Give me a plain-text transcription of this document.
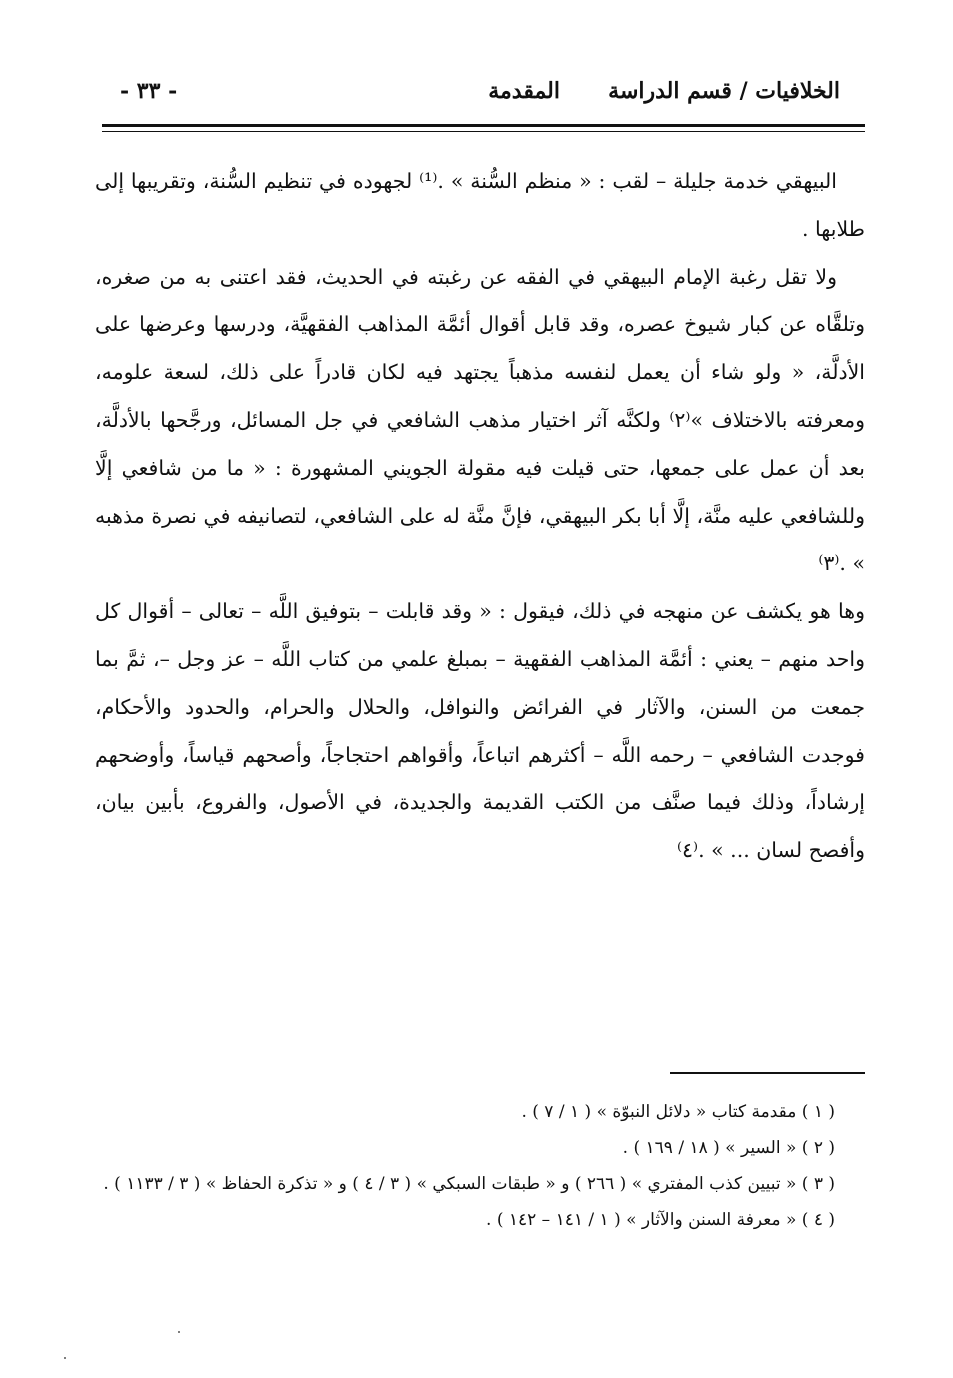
الخلافيات / قسم الدراسة
المقدمة
- ٣٣ -

البيهقي خدمة جليلة – لقب : « منظم السُّنة » .⁽¹⁾ لجهوده في تنظيم السُّنة، وتقريبها إلى طلابها .

ولا تقل رغبة الإمام البيهقي في الفقه عن رغبته في الحديث، فقد اعتنى به من صغره، وتلقَّاه عن كبار شيوخ عصره، وقد قابل أقوال أئمَّة المذاهب الفقهيَّة، ودرسها وعرضها على الأدلَّة، « ولو شاء أن يعمل لنفسه مذهباً يجتهد فيه لكان قادراً على ذلك، لسعة علومه، ومعرفته بالاختلاف »⁽٢⁾ ولكنَّه آثر اختيار مذهب الشافعي في جل المسائل، ورجَّحها بالأدلَّة، بعد أن عمل على جمعها، حتى قيلت فيه مقولة الجويني المشهورة : « ما من شافعي إلَّا وللشافعي عليه منَّة، إلَّا أبا بكر البيهقي، فإنَّ منَّة له على الشافعي، لتصانيفه في نصرة مذهبه » .⁽٣⁾

وها هو يكشف عن منهجه في ذلك، فيقول : « وقد قابلت – بتوفيق اللَّه – تعالى – أقوال كل واحد منهم – يعني : أئمَّة المذاهب الفقهية – بمبلغ علمي من كتاب اللَّه – عز وجل –، ثمَّ بما جمعت من السنن، والآثار في الفرائض والنوافل، والحلال والحرام، والحدود والأحكام، فوجدت الشافعي – رحمه اللَّه – أكثرهم اتباعاً، وأقواهم احتجاجاً، وأصحهم قياساً، وأوضحهم إرشاداً، وذلك فيما صنَّف من الكتب القديمة والجديدة، في الأصول، والفروع، بأبين بيان، وأفصح لسان ... » .⁽٤⁾

( ١ ) مقدمة كتاب « دلائل النبوّة » ( ١ / ٧ ) .

( ٢ ) « السير » ( ١٨ / ١٦٩ ) .

( ٣ ) « تبيين كذب المفتري » ( ٢٦٦ ) و « طبقات السبكي » ( ٣ / ٤ ) و « تذكرة الحفاظ » ( ٣ / ١١٣٣ ) .

( ٤ ) « معرفة السنن والآثار » ( ١ / ١٤١ – ١٤٢ ) .
